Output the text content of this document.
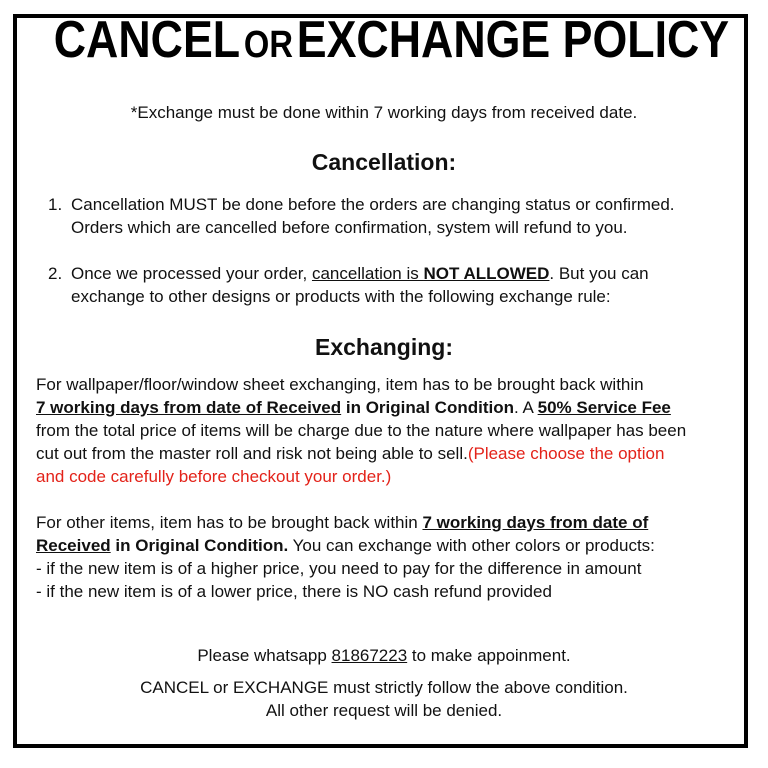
CANCEL OR EXCHANGE POLICY
*Exchange must be done within 7 working days from received date.
Cancellation:
1. Cancellation MUST be done before the orders are changing status or confirmed.
Orders which are cancelled before confirmation, system will refund to you.
2. Once we processed your order, cancellation is NOT ALLOWED. But you can
exchange to other designs or products with the following exchange rule:
Exchanging:
For wallpaper/floor/window sheet exchanging, item has to be brought back within
7 working days from date of Received in Original Condition. A 50% Service Fee
from the total price of items will be charge due to the nature where wallpaper has been
cut out from the master roll and risk not being able to sell.(Please choose the option
and code carefully before checkout your order.)
For other items, item has to be brought back within 7 working days from date of
Received in Original Condition. You can exchange with other colors or products:
- if the new item is of a higher price, you need to pay for the difference in amount
- if the new item is of a lower price, there is NO cash refund provided
Please whatsapp 81867223 to make appoinment.
CANCEL or EXCHANGE must strictly follow the above condition.
All other request will be denied.
